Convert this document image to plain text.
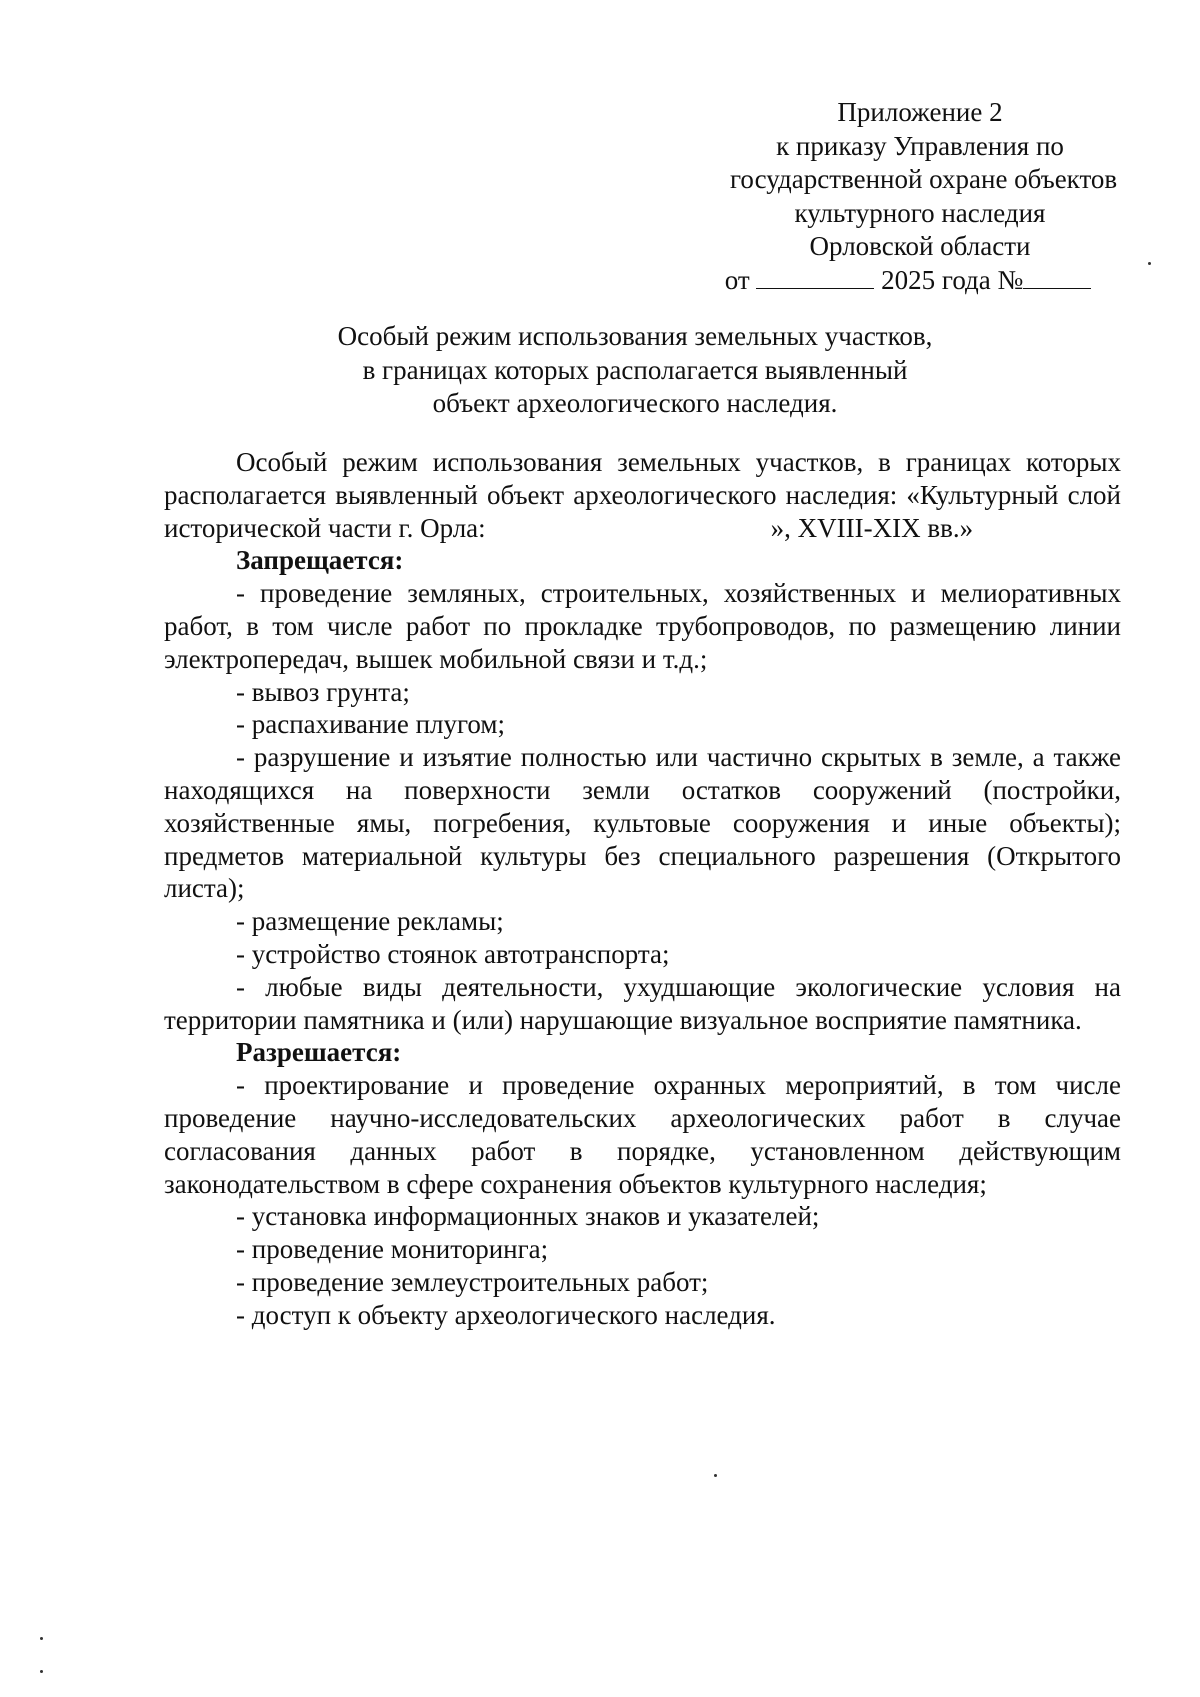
Приложение 2
к приказу Управления по
государственной охране объектов
культурного наследия
Орловской области
от	2025 года №
Особый режим использования земельных участков,
в границах которых располагается выявленный
объект археологического наследия.

Особый режим использования земельных участков, в границах которых располагается выявленный объект археологического наследия: «Культурный слой исторической части г. Орла:	», XVIII-XIX вв.»

Запрещается:

- проведение земляных, строительных, хозяйственных и мелиоративных работ, в том числе работ по прокладке трубопроводов, по размещению линии электропередач, вышек мобильной связи и т.д.;

- вывоз грунта;

- распахивание плугом;

- разрушение и изъятие полностью или частично скрытых в земле, а также находящихся на поверхности земли остатков сооружений (постройки, хозяйственные ямы, погребения, культовые сооружения и иные объекты); предметов материальной культуры без специального разрешения (Открытого листа);

- размещение рекламы;

- устройство стоянок автотранспорта;

- любые виды деятельности, ухудшающие экологические условия на территории памятника и (или) нарушающие визуальное восприятие памятника.

Разрешается:

- проектирование и проведение охранных мероприятий, в том числе проведение научно-исследовательских археологических работ в случае согласования данных работ в порядке, установленном действующим законодательством в сфере сохранения объектов культурного наследия;

- установка информационных знаков и указателей;

- проведение мониторинга;

- проведение землеустроительных работ;

- доступ к объекту археологического наследия.
